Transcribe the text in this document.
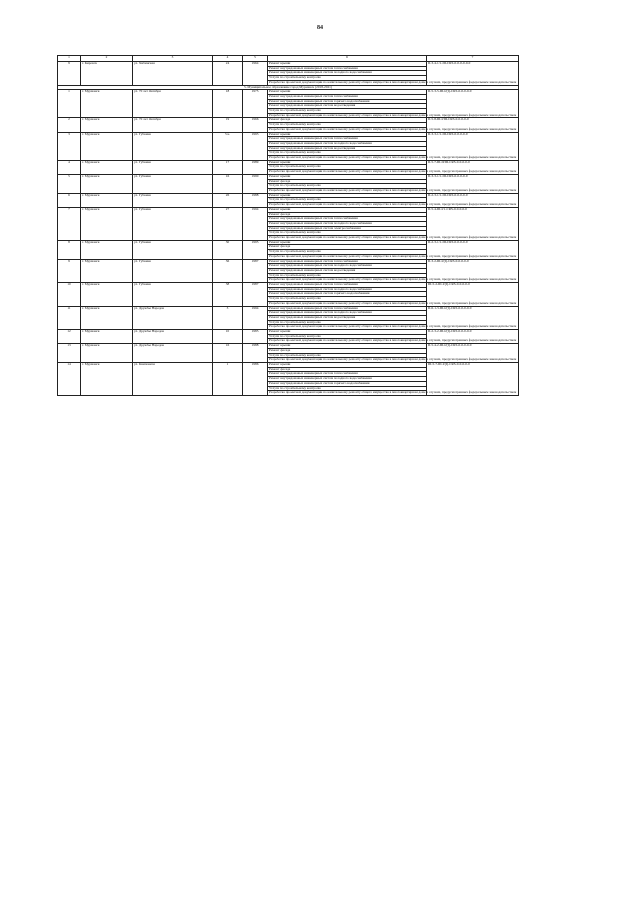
84
1	2	3	4	5	6	7
9	г. Кировск	ул. Хибинская	24	1964	Ремонт крыши	II-3-4-1/1-III-CRS-0-0-0-0-0-0

					Ремонт внутридомовых инженерных систем теплоснабжения	

					Ремонт внутридомовых инженерных систем холодного водоснабжения	

					Услуги по строительному контролю	

					Разработка проектной документации по капитальному ремонту общего имущества в многоквартирном доме в случаях, предусмотренных федеральным законодательством	

5. Муниципальное образование город Мурманск (2018-2021)						
1	г. Мурманск	ул. 70 лет Октября	18	1975	Ремонт крыши	II-5-3-5-III-I/(I)-CRS-0-0-0-0-0

					Ремонт внутридомовых инженерных систем теплоснабжения	

					Ремонт внутридомовых инженерных систем горячего водоснабжения	

					Ремонт внутридомовых инженерных систем водоотведения	

					Услуги по строительному контролю	

					Разработка проектной документации по капитальному ремонту общего имущества в многоквартирном доме в случаях, предусмотренных федеральным законодательством	

2	г. Мурманск	ул. 70 лет Октября	19	1966	Ремонт фасада	II-5-8-III-I/III-CRS-0-0-0-0-0

					Услуги по строительному контролю	

					Разработка проектной документации по капитальному ремонту общего имущества в многоквартирном доме в случаях, предусмотренных федеральным законодательством	

3	г. Мурманск	ул. Губкина	5 к.	1993	Ремонт крыши	II-3-3-1/1-III-CRS-0-0-0-0-0

					Ремонт внутридомовых инженерных систем теплоснабжения	

					Ремонт внутридомовых инженерных систем холодного водоснабжения	

					Ремонт внутридомовых инженерных систем водоотведения	

					Услуги по строительному контролю	

					Разработка проектной документации по капитальному ремонту общего имущества в многоквартирном доме в случаях, предусмотренных федеральным законодательством	

4	г. Мурманск	ул. Губкина	17	1989	Ремонт крыши	II-5-7-III-II/III-CRS-0-0-0-0-0

					Услуги по строительному контролю	

					Разработка проектной документации по капитальному ремонту общего имущества в многоквартирном доме в случаях, предусмотренных федеральным законодательством	

5	г. Мурманск	ул. Губкина	16	1990	Ремонт крыши	II-3-3-1/1-III-CRS-0-0-0-0-0

					Ремонт фасада	

					Услуги по строительному контролю	

					Разработка проектной документации по капитальному ремонту общего имущества в многоквартирном доме в случаях, предусмотренных федеральным законодательством	

6	г. Мурманск	ул. Губкина	26	1988	Ремонт крыши	II-2-3-1/1-III-CRS-0-0-0-0-0

					Услуги по строительному контролю	

					Разработка проектной документации по капитальному ремонту общего имущества в многоквартирном доме в случаях, предусмотренных федеральным законодательством	

7	г. Мурманск	ул. Губкина	27	1994	Ремонт крыши	II-5-4-III-I/1-CRS-0-0-0-0-0

					Ремонт фасада	

					Ремонт внутридомовых инженерных систем теплоснабжения	

					Ремонт внутридомовых инженерных систем холодного водоснабжения	

					Ремонт внутридомовых инженерных систем электроснабжения	

					Услуги по строительному контролю	

					Разработка проектной документации по капитальному ремонту общего имущества в многоквартирном доме в случаях, предусмотренных федеральным законодательством	

8	г. Мурманск	ул. Губкина	30	1995	Ремонт крыши	II-2-3-1/1-III-CRS-0-0-0-0-0

					Ремонт фасада	

					Услуги по строительному контролю	

					Разработка проектной документации по капитальному ремонту общего имущества в многоквартирном доме в случаях, предусмотренных федеральным законодательством	

9	г. Мурманск	ул. Губкина	36	1987	Ремонт внутридомовых инженерных систем теплоснабжения	II-3-2-III-I/(I)-CRS-0-0-0-0-0

					Ремонт внутридомовых инженерных систем холодного водоснабжения	

					Ремонт внутридомовых инженерных систем водоотведения	

					Услуги по строительному контролю	

					Разработка проектной документации по капитальному ремонту общего имущества в многоквартирном доме в случаях, предусмотренных федеральным законодательством	

10	г. Мурманск	ул. Губкина	38	1987	Ремонт внутридомовых инженерных систем теплоснабжения	III-5-2-III-I/(I)-CRS-0-0-0-0-0

					Ремонт внутридомовых инженерных систем холодного водоснабжения	

					Ремонт внутридомовых инженерных систем горячего водоснабжения	

					Услуги по строительному контролю	

					Разработка проектной документации по капитальному ремонту общего имущества в многоквартирном доме в случаях, предусмотренных федеральным законодательством	

11	г. Мурманск	ул. Дружбы Народов	3	1994	Ремонт внутридомовых инженерных систем теплоснабжения	II-6-1-3-III-I/(I)-CRS-0-0-0-0-0

					Ремонт внутридомовых инженерных систем холодного водоснабжения	

					Ремонт внутридомовых инженерных систем водоотведения	

					Услуги по строительному контролю	

					Разработка проектной документации по капитальному ремонту общего имущества в многоквартирном доме в случаях, предусмотренных федеральным законодательством	

12	г. Мурманск	ул. Дружбы Народов	10	1985	Ремонт крыши	II-2-3-2-III-I/(I)-CRS-0-0-0-0-0

					Услуги по строительному контролю	

					Разработка проектной документации по капитальному ремонту общего имущества в многоквартирном доме в случаях, предусмотренных федеральным законодательством	

13	г. Мурманск	ул. Дружбы Народов	16	1988	Ремонт крыши	II-5-4-2-III-I/(I)-CRS-0-0-0-0-0

					Ремонт фасада	

					Услуги по строительному контролю	

					Разработка проектной документации по капитальному ремонту общего имущества в многоквартирном доме в случаях, предусмотренных федеральным законодательством	

14	г. Мурманск	ул. Книповича	1	1986	Ремонт крыши	III-5-7-III-I/(I)-CRS-0-0-0-0-0

					Ремонт фасада	

					Ремонт внутридомовых инженерных систем теплоснабжения	

					Ремонт внутридомовых инженерных систем холодного водоснабжения	

					Ремонт внутридомовых инженерных систем горячего водоснабжения	

					Услуги по строительному контролю	

					Разработка проектной документации по капитальному ремонту общего имущества в многоквартирном доме в случаях, предусмотренных федеральным законодательством	
